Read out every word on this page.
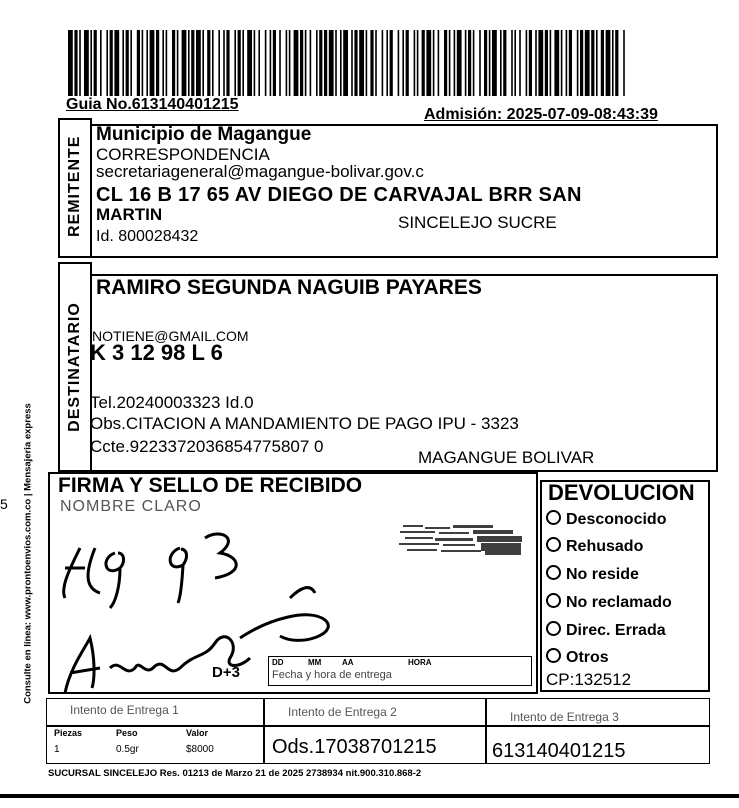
Guia No.613140401215
Admisión: 2025-07-09-08:43:39
REMITENTE
Municipio de Magangue
CORRESPONDENCIA
secretariageneral@magangue-bolivar.gov.c
CL 16 B 17 65 AV DIEGO DE CARVAJAL BRR SAN
MARTIN	SINCELEJO SUCRE
Id. 800028432
DESTINATARIO
RAMIRO SEGUNDA NAGUIB PAYARES
NOTIENE@GMAIL.COM
K 3 12 98 L 6
Tel.20240003323 Id.0
Obs.CITACION A MANDAMIENTO DE PAGO IPU - 3323
Ccte.9223372036854775807 0
MAGANGUE BOLIVAR
FIRMA Y SELLO DE RECIBIDO
NOMBRE CLARO
D+3
DD	MM	AA	HORA
Fecha y hora de entrega
DEVOLUCION
Desconocido
Rehusado
No reside
No reclamado
Direc. Errada
Otros
CP:132512
Intento de Entrega 1	Intento de Entrega 2	Intento de Entrega 3
Piezas	Peso	Valor
1	0.5gr	$8000	Ods.17038701215	613140401215
SUCURSAL SINCELEJO Res. 01213 de Marzo 21 de 2025 2738934 nit.900.310.868-2
Consulte en línea: www.prontoenvios.com.co | Mensajeria express
5
